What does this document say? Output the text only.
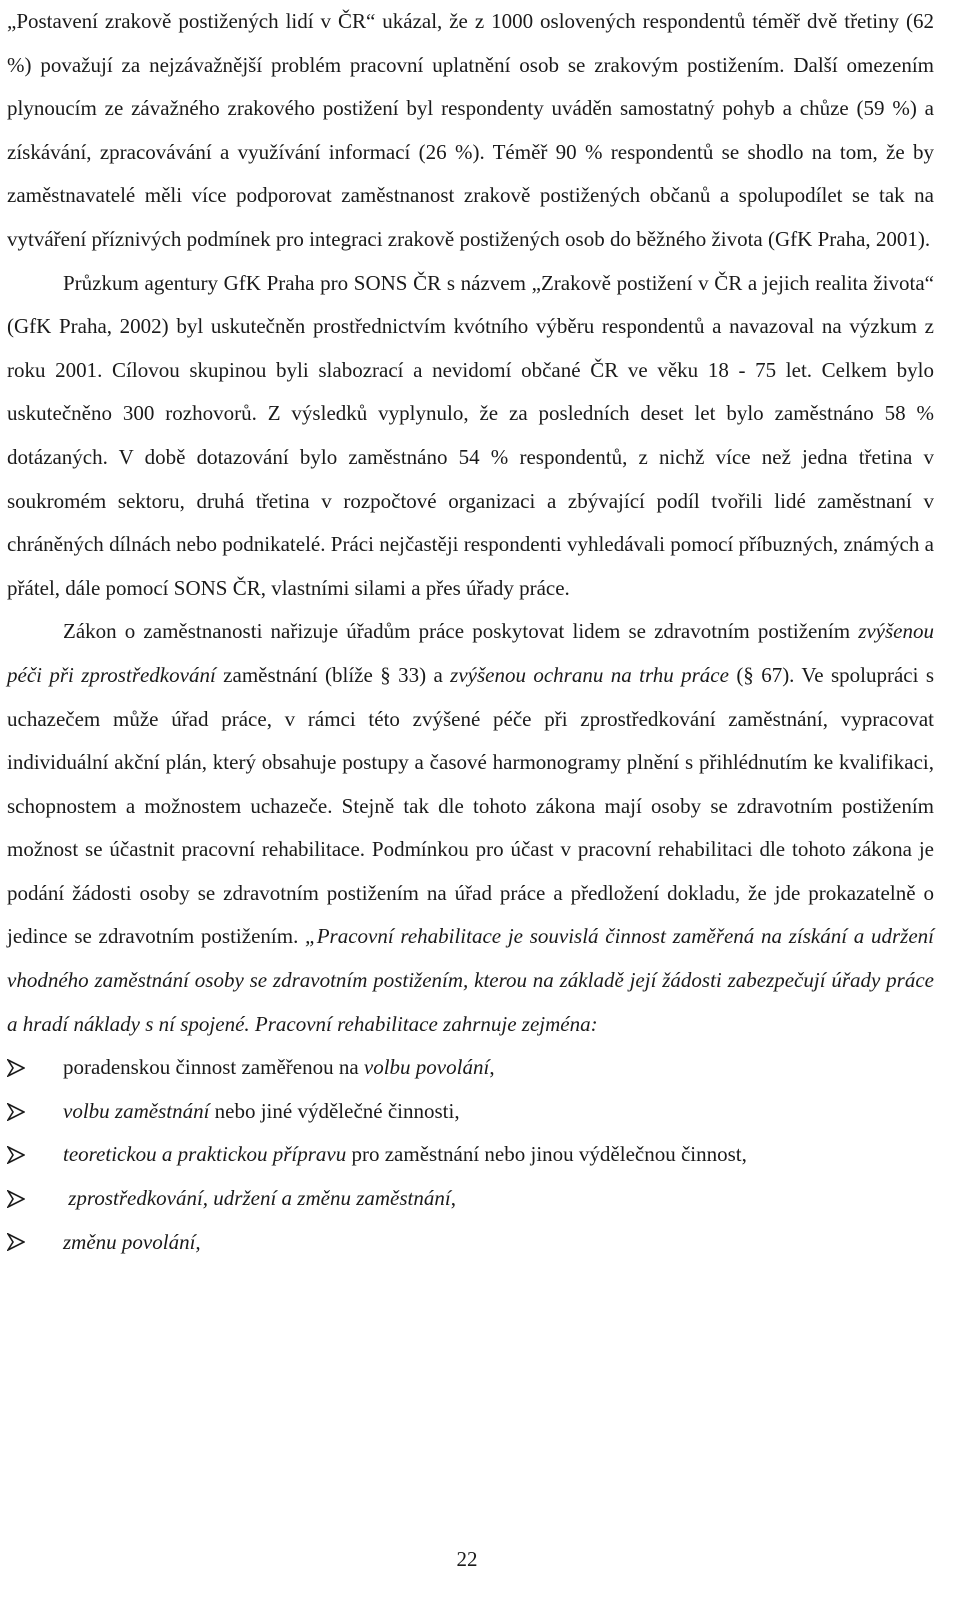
„Postavení zrakově postižených lidí v ČR“ ukázal, že z 1000 oslovených respondentů téměř dvě třetiny (62 %) považují za nejzávažnější problém pracovní uplatnění osob se zrakovým postižením. Další omezením plynoucím ze závažného zrakového postižení byl respondenty uváděn samostatný pohyb a chůze (59 %) a získávání, zpracovávání a využívání informací (26 %). Téměř 90 % respondentů se shodlo na tom, že by zaměstnavatelé měli více podporovat zaměstnanost zrakově postižených občanů a spolupodílet se tak na vytváření příznivých podmínek pro integraci zrakově postižených osob do běžného života (GfK Praha, 2001).

Průzkum agentury GfK Praha pro SONS ČR s názvem „Zrakově postižení v ČR a jejich realita života“ (GfK Praha, 2002) byl uskutečněn prostřednictvím kvótního výběru respondentů a navazoval na výzkum z roku 2001. Cílovou skupinou byli slabozrací a nevidomí občané ČR ve věku 18 - 75 let. Celkem bylo uskutečněno 300 rozhovorů. Z výsledků vyplynulo, že za posledních deset let bylo zaměstnáno 58 % dotázaných. V době dotazování bylo zaměstnáno 54 % respondentů, z nichž více než jedna třetina v soukromém sektoru, druhá třetina v rozpočtové organizaci a zbývající podíl tvořili lidé zaměstnaní v chráněných dílnách nebo podnikatelé. Práci nejčastěji respondenti vyhledávali pomocí příbuzných, známých a přátel, dále pomocí SONS ČR, vlastními silami a přes úřady práce.

Zákon o zaměstnanosti nařizuje úřadům práce poskytovat lidem se zdravotním postižením zvýšenou péči při zprostředkování zaměstnání (blíže § 33) a zvýšenou ochranu na trhu práce (§ 67). Ve spolupráci s uchazečem může úřad práce, v rámci této zvýšené péče při zprostředkování zaměstnání, vypracovat individuální akční plán, který obsahuje postupy a časové harmonogramy plnění s přihlédnutím ke kvalifikaci, schopnostem a možnostem uchazeče. Stejně tak dle tohoto zákona mají osoby se zdravotním postižením možnost se účastnit pracovní rehabilitace. Podmínkou pro účast v pracovní rehabilitaci dle tohoto zákona je podání žádosti osoby se zdravotním postižením na úřad práce a předložení dokladu, že jde prokazatelně o jedince se zdravotním postižením. „Pracovní rehabilitace je souvislá činnost zaměřená na získání a udržení vhodného zaměstnání osoby se zdravotním postižením, kterou na základě její žádosti zabezpečují úřady práce a hradí náklady s ní spojené. Pracovní rehabilitace zahrnuje zejména:

poradenskou činnost zaměřenou na volbu povolání,
volbu zaměstnání nebo jiné výdělečné činnosti,
teoretickou a praktickou přípravu pro zaměstnání nebo jinou výdělečnou činnost,
zprostředkování, udržení a změnu zaměstnání,
změnu povolání,
22
